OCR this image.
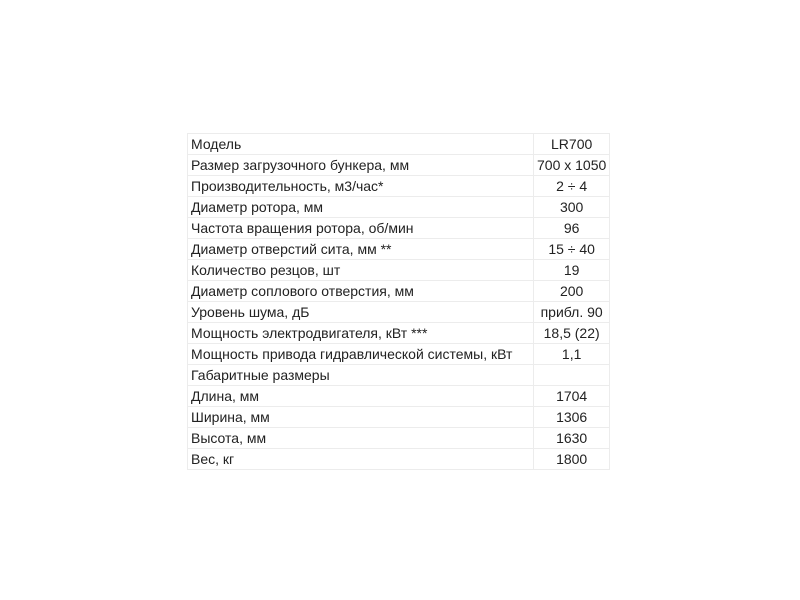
Модель	LR700
Размер загрузочного бункера, мм	700 х 1050
Производительность, м3/час*	2 ÷ 4
Диаметр ротора, мм	300
Частота вращения ротора, об/мин	96
Диаметр отверстий сита, мм **	15 ÷ 40
Количество резцов, шт	19
Диаметр соплового отверстия, мм	200
Уровень шума, дБ	прибл. 90
Мощность электродвигателя, кВт ***	18,5 (22)
Мощность привода гидравлической системы, кВт	1,1
Габаритные размеры	
Длина, мм	1704
Ширина, мм	1306
Высота, мм	1630
Вес, кг	1800
